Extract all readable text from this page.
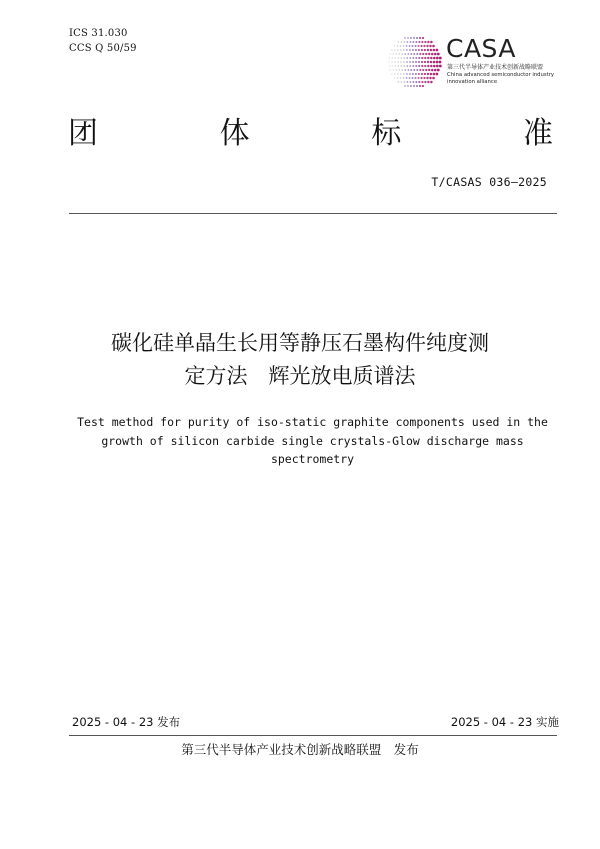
ICS 31.030
CCS Q 50/59	CASA
第三代半导体产业技术创新战略联盟
China advanced semiconductor industry
innovation alliance
团	体	标	准
T/CASAS 036—2025
碳化硅单晶生长用等静压石墨构件纯度测
定方法　辉光放电质谱法
Test method for purity of iso-static graphite components used in the
growth of silicon carbide single crystals-Glow discharge mass
spectrometry
2025 - 04 - 23 发布	2025 - 04 - 23 实施
第三代半导体产业技术创新战略联盟　发布
